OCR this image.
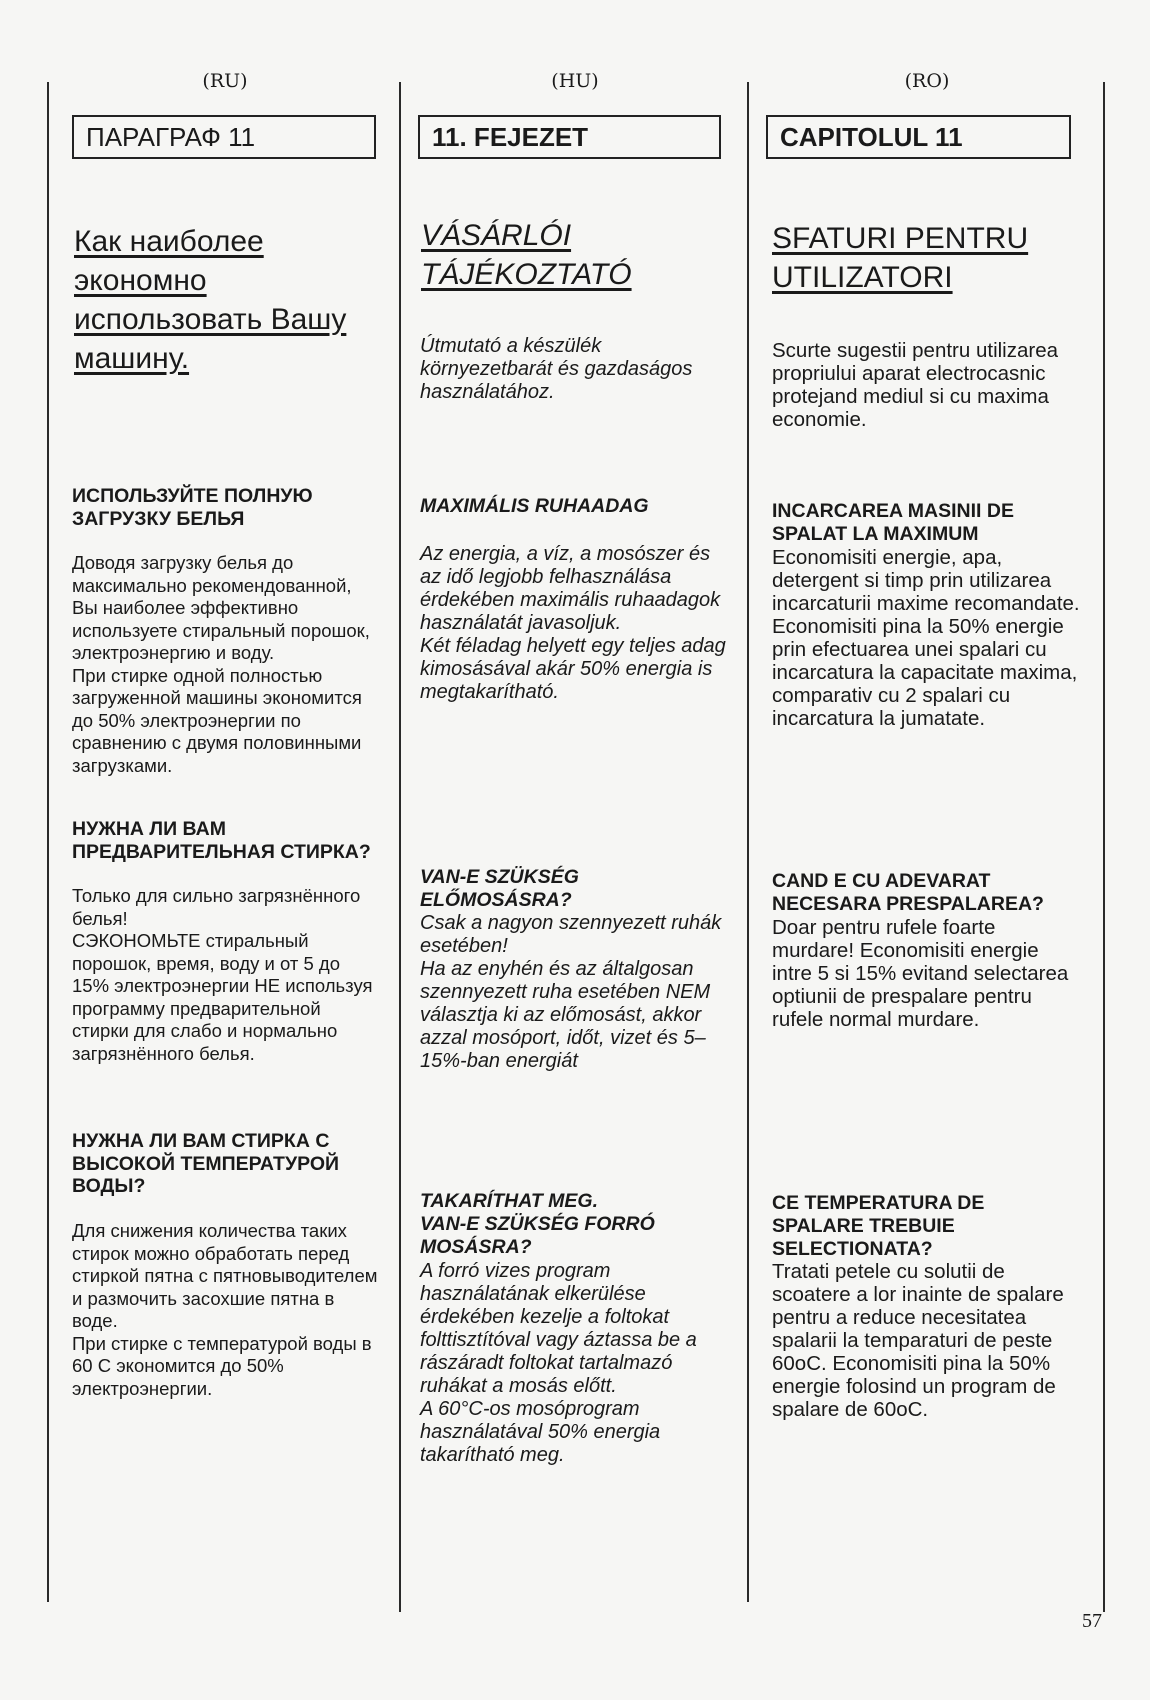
(RU)
ПАРАГРАФ 11
Как наиболее экономно использовать Вашу машину.
ИСПОЛЬЗУЙТЕ ПОЛНУЮ ЗАГРУЗКУ БЕЛЬЯ
Доводя загрузку белья до максимально рекомендованной, Вы наиболее эффективно используете стиральный порошок, электроэнергию и воду.
При стирке одной полностью загруженной машины экономится до 50% электроэнергии по сравнению с двумя половинными загрузками.
НУЖНА ЛИ ВАМ ПРЕДВАРИТЕЛЬНАЯ СТИРКА?
Только для сильно загрязнённого белья!
СЭКОНОМЬТЕ стиральный порошок, время, воду и от 5 до 15% электроэнергии НЕ используя программу предварительной стирки для слабо и нормально загрязнённого белья.
НУЖНА ЛИ ВАМ СТИРКА С ВЫСОКОЙ ТЕМПЕРАТУРОЙ ВОДЫ?
Для снижения количества таких стирок можно обработать перед стиркой пятна с пятновыводителем и размочить засохшие пятна в воде.
При стирке с температурой воды в 60 С экономится до 50% электроэнергии.
(HU)
11. FEJEZET
VÁSÁRLÓI TÁJÉKOZTATÓ
Útmutató a készülék környezetbarát és gazdaságos használatához.
MAXIMÁLIS RUHAADAG
Az energia, a víz, a mosószer és az idő legjobb felhasználása érdekében maximális ruhaadagok használatát javasoljuk.
Két féladag helyett egy teljes adag kimosásával akár 50% energia is megtakarítható.
VAN-E SZÜKSÉG ELŐMOSÁSRA?
Csak a nagyon szennyezett ruhák esetében!
Ha az enyhén és az általgosan szennyezett ruha esetében NEM választja ki az előmosást, akkor azzal mosóport, időt, vizet és 5–15%-ban energiát
TAKARÍTHAT MEG.
VAN-E SZÜKSÉG FORRÓ MOSÁSRA?
A forró vizes program használatának elkerülése érdekében kezelje a foltokat folttisztítóval vagy áztassa be a rászáradt foltokat tartalmazó ruhákat a mosás előtt.
A 60°C-os mosóprogram használatával 50% energia takarítható meg.
(RO)
CAPITOLUL 11
SFATURI PENTRU UTILIZATORI
Scurte sugestii pentru utilizarea propriului aparat electrocasnic protejand mediul si cu maxima economie.
INCARCAREA MASINII DE SPALAT LA MAXIMUM
Economisiti energie, apa, detergent si timp prin utilizarea incarcaturii maxime recomandate.
Economisiti pina la 50% energie prin efectuarea unei spalari cu incarcatura la capacitate maxima, comparativ cu 2 spalari cu incarcatura la jumatate.
CAND E CU ADEVARAT NECESARA PRESPALAREA?
Doar pentru rufele foarte murdare! Economisiti energie intre 5 si 15% evitand selectarea optiunii de prespalare pentru rufele normal murdare.
CE TEMPERATURA DE SPALARE TREBUIE SELECTIONATA?
Tratati petele cu solutii de scoatere a lor inainte de spalare pentru a reduce necesitatea spalarii la temparaturi de peste 60oC. Economisiti pina la 50% energie folosind un program de spalare de 60oC.
57
